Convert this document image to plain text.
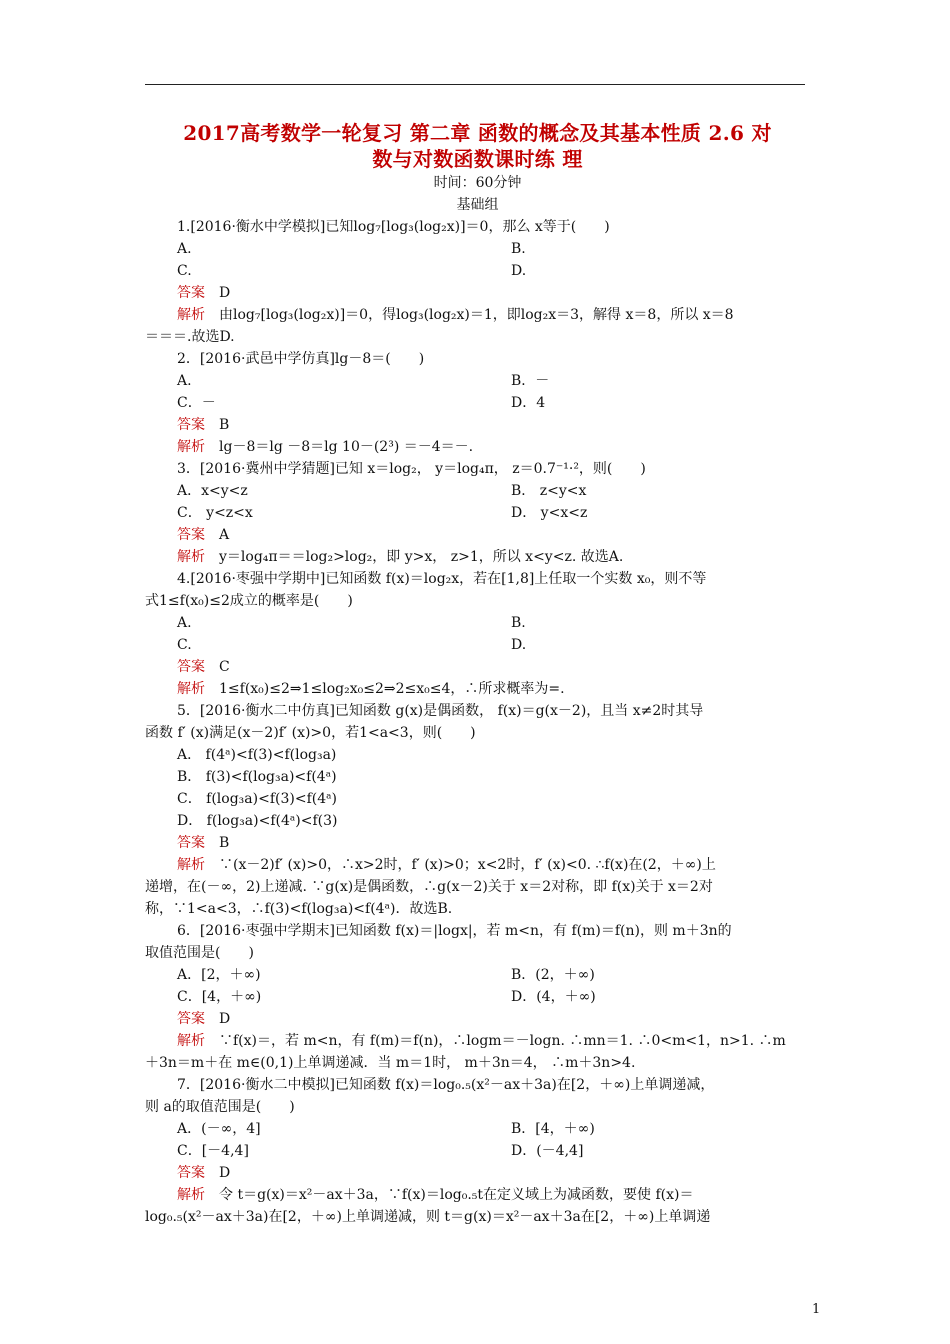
2017高考数学一轮复习 第二章 函数的概念及其基本性质 2.6 对

数与对数函数课时练 理

时间：60分钟

基础组

1.[2016·衡水中学模拟]已知log₇[log₃(log₂x)]＝0，那么 x等于(　　)

A.	B.
C.	D.

答案　 D

解析　 由log₇[log₃(log₂x)]＝0，得log₃(log₂x)＝1，即log₂x＝3，解得 x＝8，所以 x＝8

＝＝＝.故选D.

2．[2016·武邑中学仿真]lg－8＝(　　)

A.	B．－
C．－	D．4

答案　 B

解析　 lg－8＝lg －8＝lg 10－(2³) ＝－4＝－.

3．[2016·冀州中学猜题]已知 x＝log₂， y＝log₄π， z＝0.7⁻¹·²，则(　　)

A．x<y<z	B． z<y<x
C． y<z<x	D． y<x<z

答案　 A

解析　 y＝log₄π＝＝log₂>log₂，即 y>x， z>1，所以 x<y<z. 故选A.

4.[2016·枣强中学期中]已知函数 f(x)＝log₂x，若在[1,8]上任取一个实数 x₀，则不等

式1≤f(x₀)≤2成立的概率是(　　)

A.	B.
C.	D.

答案　 C

解析　 1≤f(x₀)≤2⇒1≤log₂x₀≤2⇒2≤x₀≤4，∴所求概率为=.

5．[2016·衡水二中仿真]已知函数 g(x)是偶函数， f(x)＝g(x－2)，且当 x≠2时其导

函数 f′ (x)满足(x－2)f′ (x)>0，若1<a<3，则(　　)

A． f(4ᵃ)<f(3)<f(log₃a)

B． f(3)<f(log₃a)<f(4ᵃ)

C． f(log₃a)<f(3)<f(4ᵃ)

D． f(log₃a)<f(4ᵃ)<f(3)

答案　 B

解析　 ∵(x－2)f′ (x)>0，∴x>2时，f′ (x)>0；x<2时，f′ (x)<0. ∴f(x)在(2，＋∞)上

递增，在(－∞，2)上递减. ∵g(x)是偶函数，∴g(x－2)关于 x＝2对称，即 f(x)关于 x＝2对

称，∵1<a<3，∴f(3)<f(log₃a)<f(4ᵃ)．故选B.

6．[2016·枣强中学期末]已知函数 f(x)＝|logx|，若 m<n，有 f(m)＝f(n)，则 m＋3n的

取值范围是(　　)

A．[2，＋∞)	B．(2，＋∞)
C．[4，＋∞)	D．(4，＋∞)

答案　 D

解析　 ∵f(x)＝，若 m<n，有 f(m)＝f(n)，∴logm＝－logn. ∴mn＝1. ∴0<m<1，n>1. ∴m

＋3n＝m＋在 m∈(0,1)上单调递减．当 m＝1时， m＋3n＝4， ∴m＋3n>4.

7．[2016·衡水二中模拟]已知函数 f(x)＝log₀.₅(x²－ax＋3a)在[2，＋∞)上单调递减，

则 a的取值范围是(　　)

A．(－∞，4]	B．[4，＋∞)
C．[－4,4]	D．(－4,4]

答案　 D

解析　 令 t＝g(x)＝x²－ax＋3a，∵f(x)＝log₀.₅t在定义域上为减函数，要使 f(x)＝

log₀.₅(x²－ax＋3a)在[2，＋∞)上单调递减，则 t＝g(x)＝x²－ax＋3a在[2，＋∞)上单调递

1
